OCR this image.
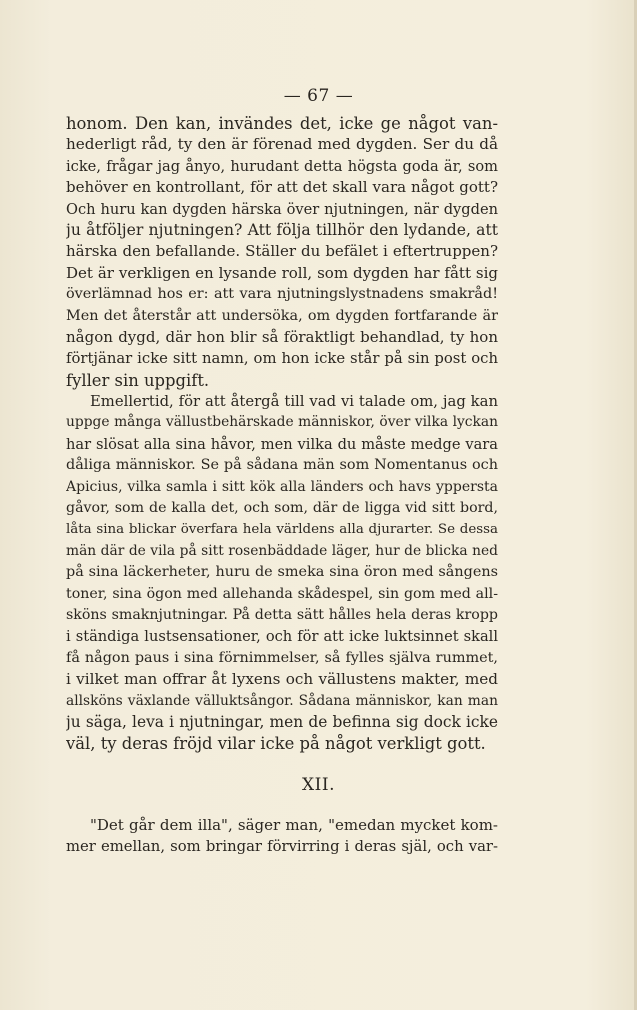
— 67 —
honom. Den kan, invändes det, icke ge något van-
hederligt råd, ty den är förenad med dygden. Ser du då
icke, frågar jag ånyo, hurudant detta högsta goda är, som
behöver en kontrollant, för att det skall vara något gott?
Och huru kan dygden härska över njutningen, när dygden
ju åtföljer njutningen? Att följa tillhör den lydande, att
härska den befallande. Ställer du befälet i eftertruppen?
Det är verkligen en lysande roll, som dygden har fått sig
överlämnad hos er: att vara njutningslystnadens smakråd!
Men det återstår att undersöka, om dygden fortfarande är
någon dygd, där hon blir så föraktligt behandlad, ty hon
förtjänar icke sitt namn, om hon icke står på sin post och
fyller sin uppgift.
Emellertid, för att återgå till vad vi talade om, jag kan
uppge många vällustbehärskade människor, över vilka lyckan
har slösat alla sina håvor, men vilka du måste medge vara
dåliga människor. Se på sådana män som Nomentanus och
Apicius, vilka samla i sitt kök alla länders och havs yppersta
gåvor, som de kalla det, och som, där de ligga vid sitt bord,
låta sina blickar överfara hela världens alla djurarter. Se dessa
män där de vila på sitt rosenbäddade läger, hur de blicka ned
på sina läckerheter, huru de smeka sina öron med sångens
toner, sina ögon med allehanda skådespel, sin gom med all-
sköns smaknjutningar. På detta sätt hålles hela deras kropp
i ständiga lustsensationer, och för att icke luktsinnet skall
få någon paus i sina förnimmelser, så fylles själva rummet,
i vilket man offrar åt lyxens och vällustens makter, med
allsköns växlande välluktsångor. Sådana människor, kan man
ju säga, leva i njutningar, men de befinna sig dock icke
väl, ty deras fröjd vilar icke på något verkligt gott.
XII.
"Det går dem illa", säger man, "emedan mycket kom-
mer emellan, som bringar förvirring i deras själ, och var-
